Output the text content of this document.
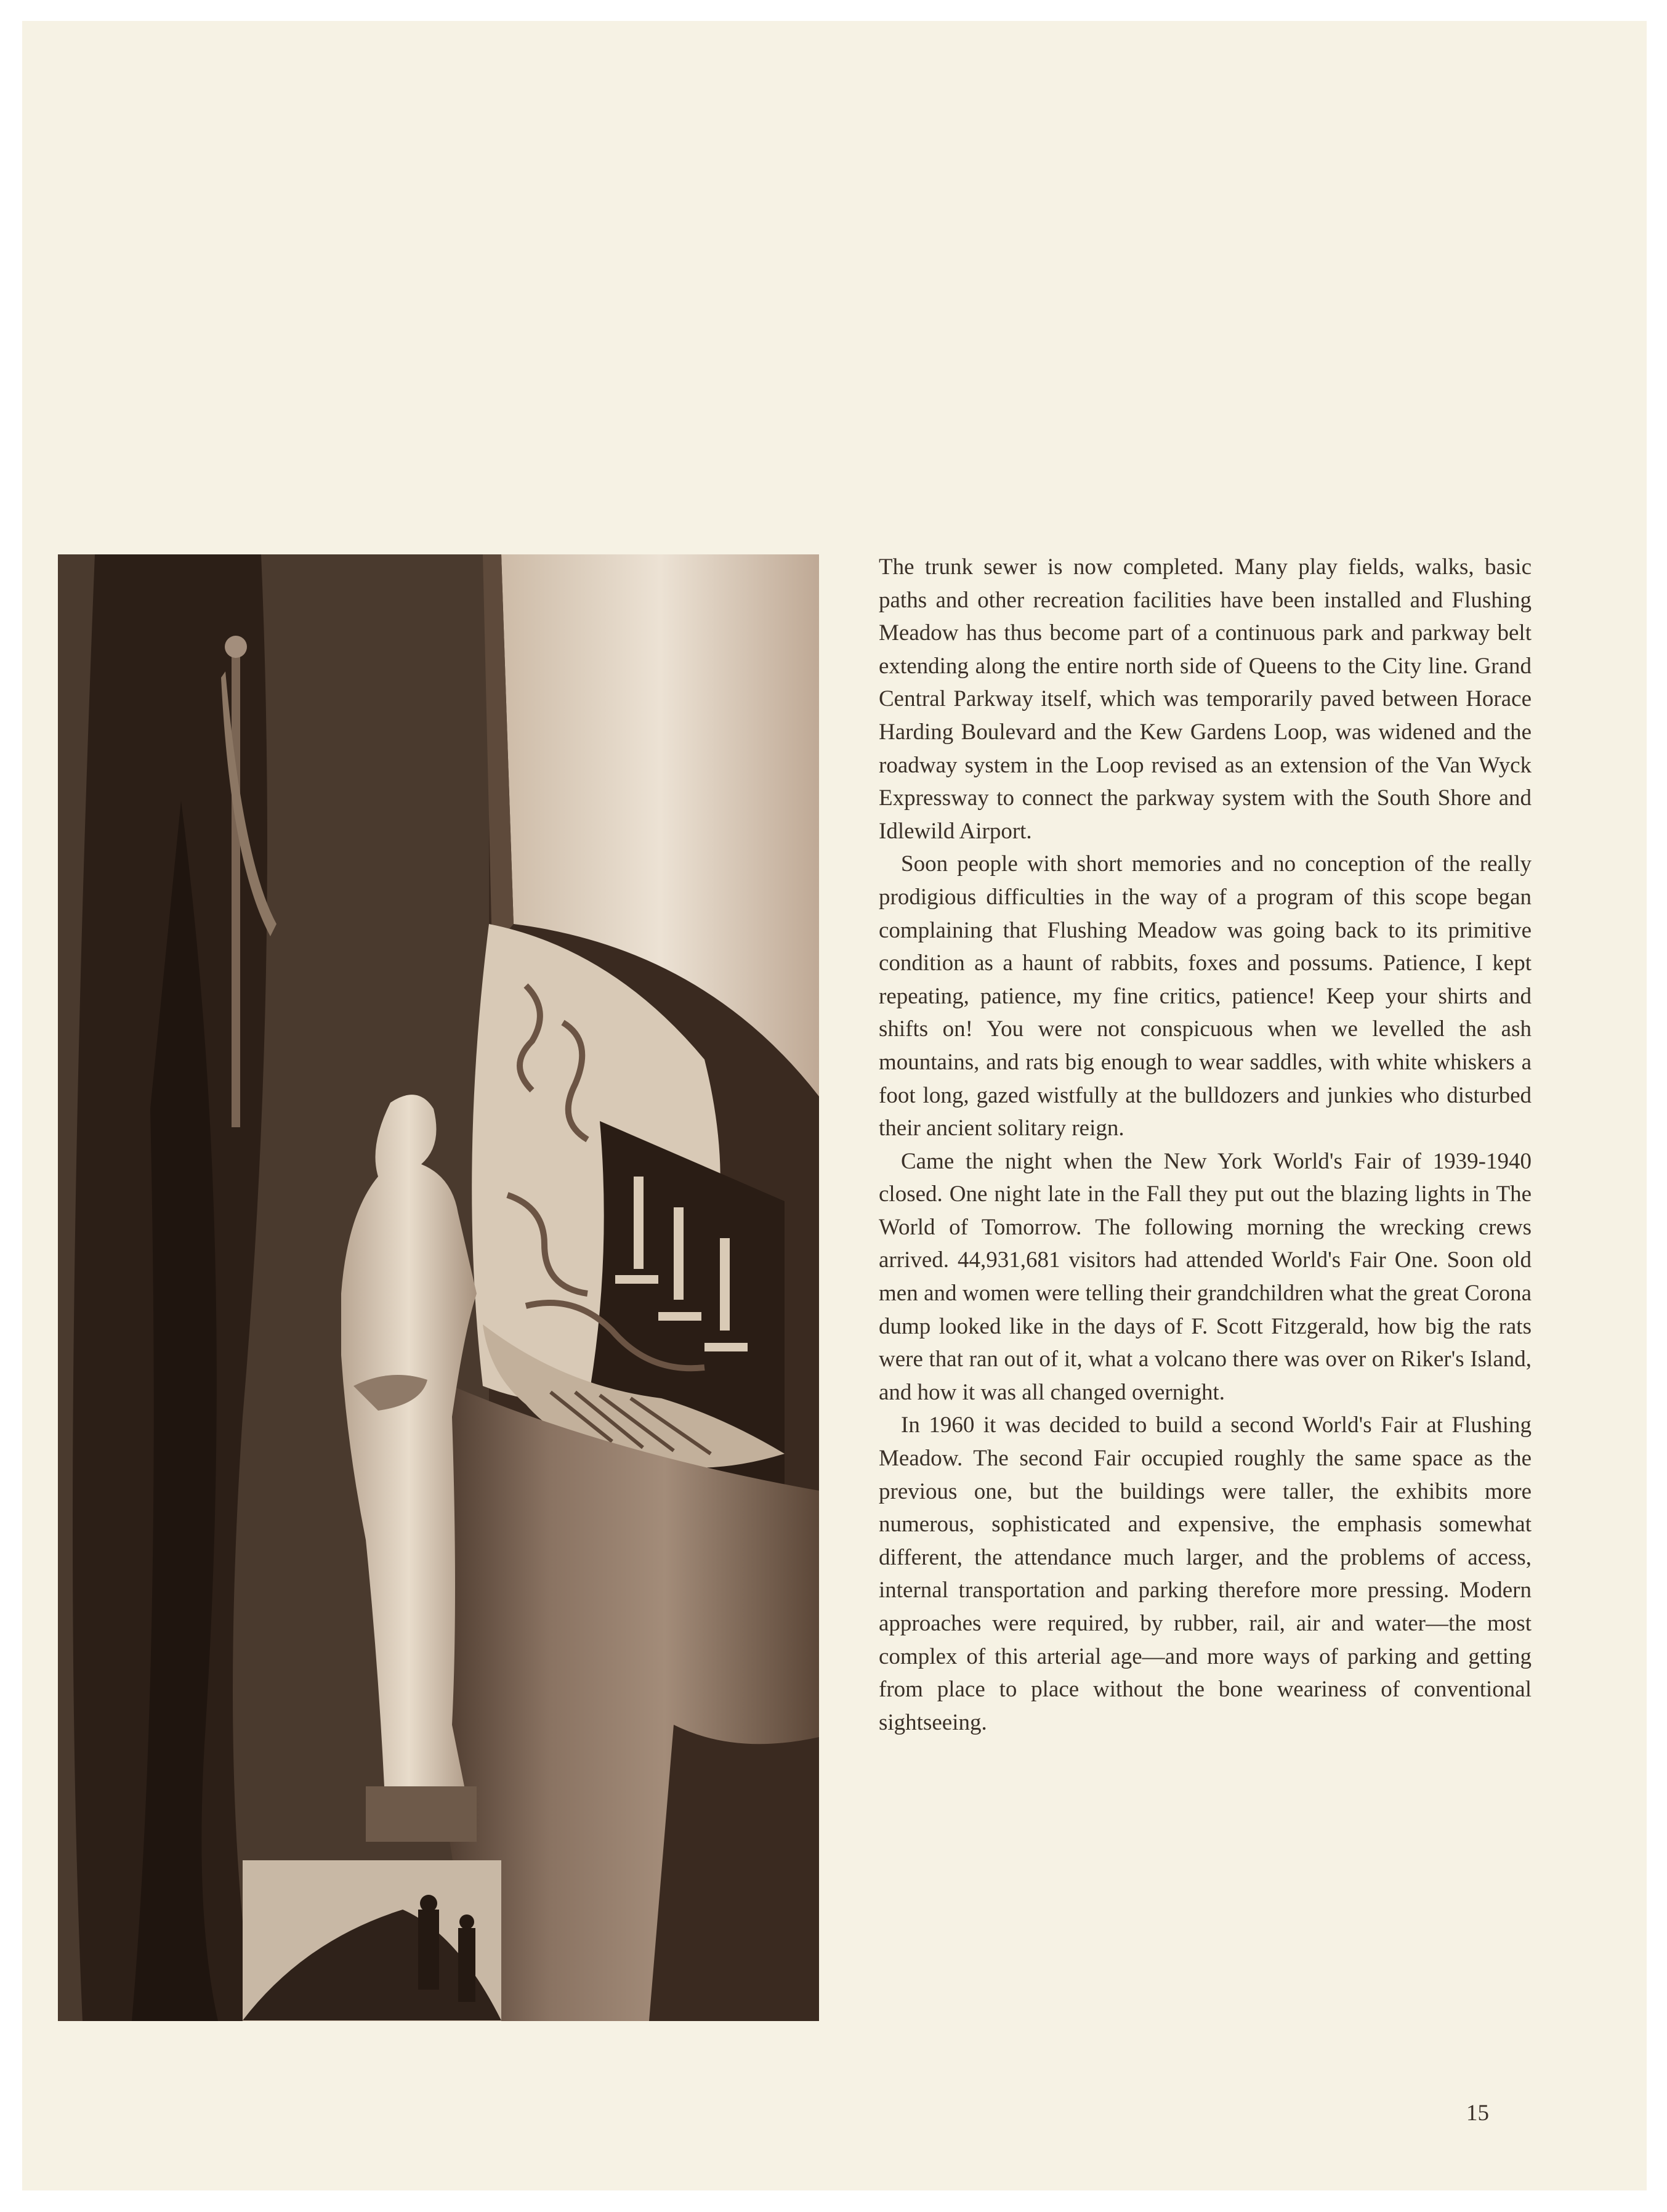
The trunk sewer is now completed. Many play fields, walks, basic paths and other recreation facilities have been installed and Flushing Meadow has thus become part of a continuous park and parkway belt extending along the entire north side of Queens to the City line. Grand Central Parkway itself, which was temporarily paved between Horace Harding Boulevard and the Kew Gardens Loop, was widened and the roadway system in the Loop revised as an extension of the Van Wyck Expressway to connect the parkway system with the South Shore and Idlewild Airport.

Soon people with short memories and no conception of the really prodigious difficulties in the way of a program of this scope began complaining that Flushing Meadow was going back to its primitive condition as a haunt of rabbits, foxes and possums. Patience, I kept repeating, patience, my fine critics, patience! Keep your shirts and shifts on! You were not conspicuous when we levelled the ash mountains, and rats big enough to wear saddles, with white whiskers a foot long, gazed wistfully at the bulldozers and junkies who disturbed their ancient solitary reign.

Came the night when the New York World's Fair of 1939-1940 closed. One night late in the Fall they put out the blazing lights in The World of Tomorrow. The following morning the wrecking crews arrived. 44,931,681 visitors had attended World's Fair One. Soon old men and women were telling their grandchildren what the great Corona dump looked like in the days of F. Scott Fitzgerald, how big the rats were that ran out of it, what a volcano there was over on Riker's Island, and how it was all changed overnight.

In 1960 it was decided to build a second World's Fair at Flushing Meadow. The second Fair occupied roughly the same space as the previous one, but the buildings were taller, the exhibits more numerous, sophisticated and expensive, the emphasis somewhat different, the attendance much larger, and the problems of access, internal transportation and parking therefore more pressing. Modern approaches were required, by rubber, rail, air and water—the most complex of this arterial age—and more ways of parking and getting from place to place without the bone weariness of conventional sightseeing.

15
